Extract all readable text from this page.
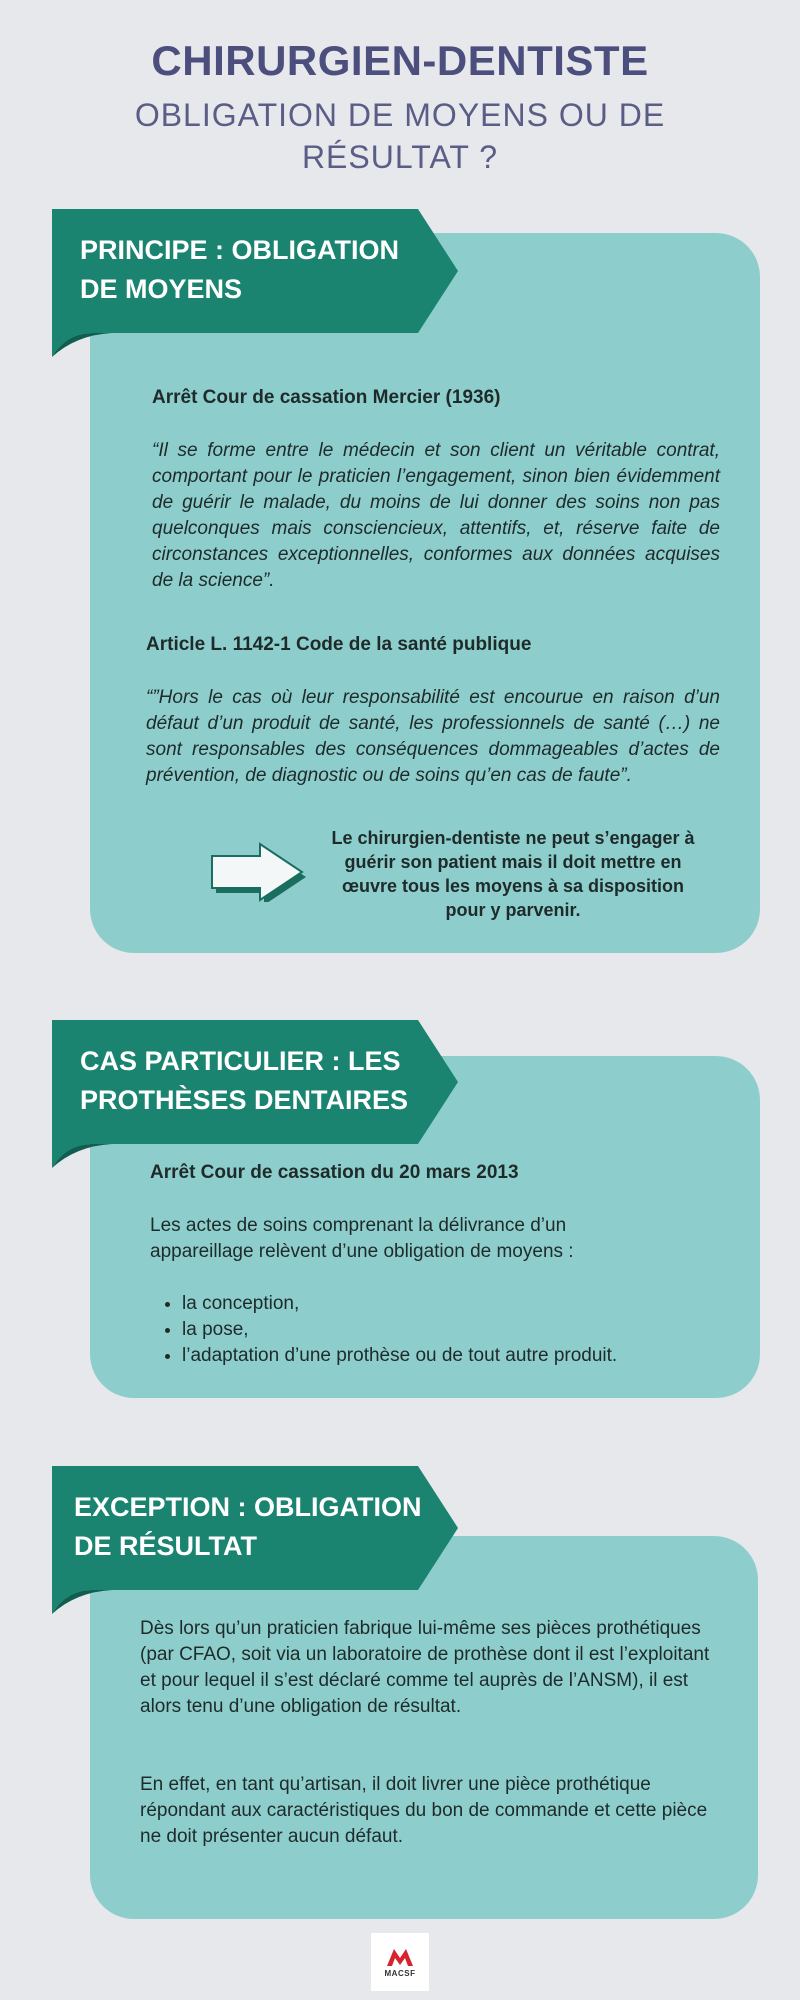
CHIRURGIEN-DENTISTE
OBLIGATION DE MOYENS OU DE
RÉSULTAT ?

PRINCIPE : OBLIGATION
DE MOYENS

Arrêt Cour de cassation Mercier (1936)

“Il se forme entre le médecin et son client un véritable contrat, comportant pour le praticien l’engagement, sinon bien évidemment de guérir le malade, du moins de lui donner des soins non pas quelconques mais consciencieux, attentifs, et, réserve faite de circonstances exceptionnelles, conformes aux données acquises de la science”.

Article L. 1142-1 Code de la santé publique

“”Hors le cas où leur responsabilité est encourue en raison d’un défaut d’un produit de santé, les professionnels de santé (…) ne sont responsables des conséquences dommageables d’actes de prévention, de diagnostic ou de soins qu’en cas de faute”.

Le chirurgien-dentiste ne peut s’engager à guérir son patient mais il doit mettre en œuvre tous les moyens à sa disposition pour y parvenir.

CAS PARTICULIER : LES
PROTHÈSES DENTAIRES

Arrêt Cour de cassation du 20 mars 2013

Les actes de soins comprenant la délivrance d’un appareillage relèvent d’une obligation de moyens :

• la conception,
• la pose,
• l’adaptation d’une prothèse ou de tout autre produit.

EXCEPTION : OBLIGATION
DE RÉSULTAT

Dès lors qu’un praticien fabrique lui-même ses pièces prothétiques (par CFAO, soit via un laboratoire de prothèse dont il est l’exploitant et pour lequel il s’est déclaré comme tel auprès de l’ANSM), il est alors tenu d’une obligation de résultat.

En effet, en tant qu’artisan, il doit livrer une pièce prothétique répondant aux caractéristiques du bon de commande et cette pièce ne doit présenter aucun défaut.

MACSF
